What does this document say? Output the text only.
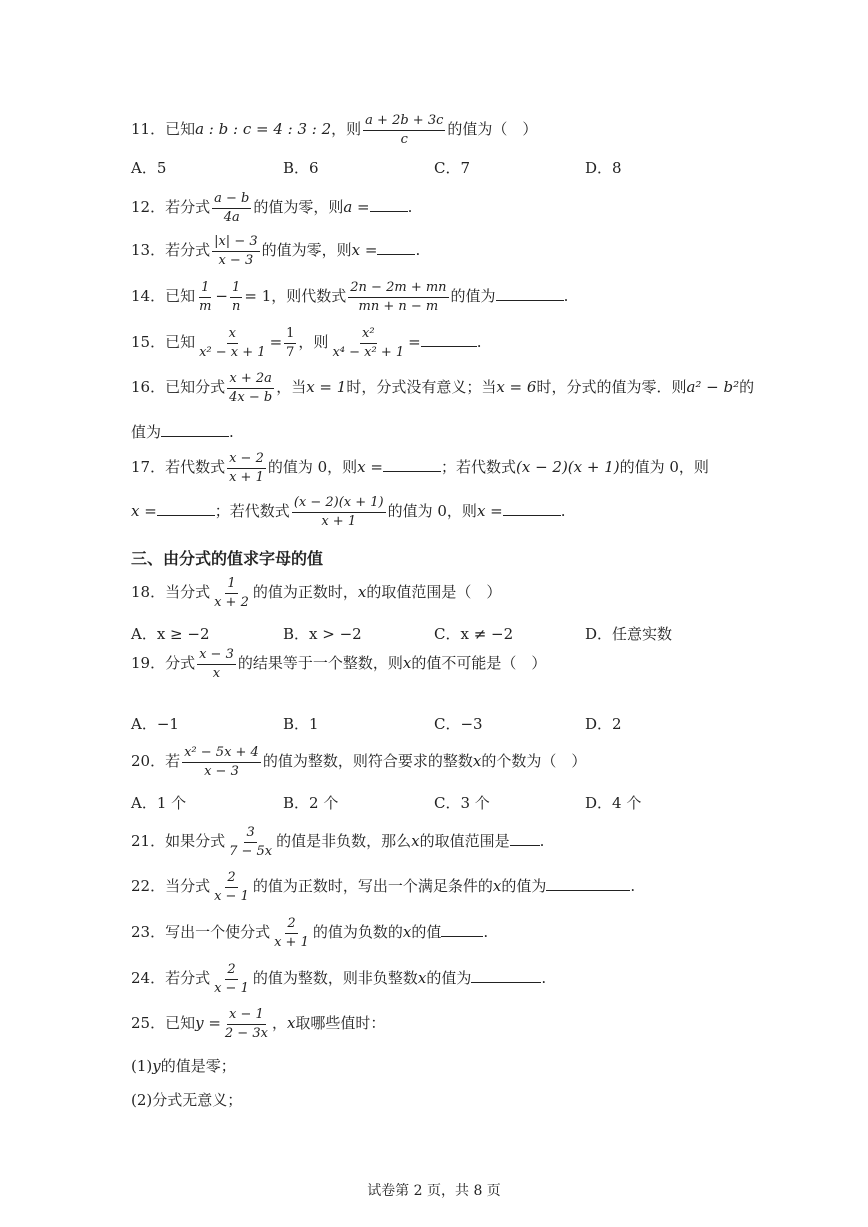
11．已知a : b : c = 4 : 3 : 2，则 $\frac{a + 2b + 3c}{c}$ 的值为（　）
A．5	B．6	C．7	D．8
12．若分式 $\frac{a - b}{4a}$ 的值为零，则a =	.
13．若分式 $\frac{|x| - 3}{x - 3}$ 的值为零，则x =	.
14．已知 $\frac{1}{m} - \frac{1}{n} = 1$，则代数式 $\frac{2n - 2m + mn}{mn + n - m}$ 的值为	.
15．已知 $\frac{x}{\text{x² − x + 1}} = \frac{1}{7}$ ，则 $\frac{\text{x²}}{\text{x⁴ − x² + 1}}$ =	.
16．已知分式 $\frac{x + 2a}{4x - b}$ ，当x = 1时，分式没有意义；当x = 6时，分式的值为零．则a² − b²的
值为	.
17．若代数式 $\frac{x - 2}{x + 1}$ 的值为 0，则x =	；若代数式(x − 2)(x + 1)的值为 0，则
x =	；若代数式 $\frac{(x - 2)(x + 1)}{x + 1}$ 的值为 0，则x =	.
三、由分式的值求字母的值
18．当分式 $\frac{1}{x + 2}$ 的值为正数时，x的取值范围是（　）
A．x ≥ −2	B．x > −2	C．x ≠ −2	D．任意实数
19．分式 $\frac{x - 3}{x}$ 的结果等于一个整数，则x的值不可能是（　）
A．−1	B．1	C．−3	D．2
20．若 $\frac{\text{x² − 5x + 4}}{x - 3}$ 的值为整数，则符合要求的整数x的个数为（　）
A．1 个	B．2 个	C．3 个	D．4 个
21．如果分式 $\frac{3}{7 - 5x}$ 的值是非负数，那么x的取值范围是 .
22．当分式 $\frac{2}{x - 1}$ 的值为正数时，写出一个满足条件的x的值为	.
23．写出一个使分式 $\frac{2}{x + 1}$ 的值为负数的x的值	.
24．若分式 $\frac{2}{x - 1}$ 的值为整数，则非负整数x的值为	.
25．已知$y = \frac{x - 1}{2 - 3x}$ ，x取哪些值时：
(1)y的值是零；
(2)分式无意义；
试卷第 2 页，共 8 页
